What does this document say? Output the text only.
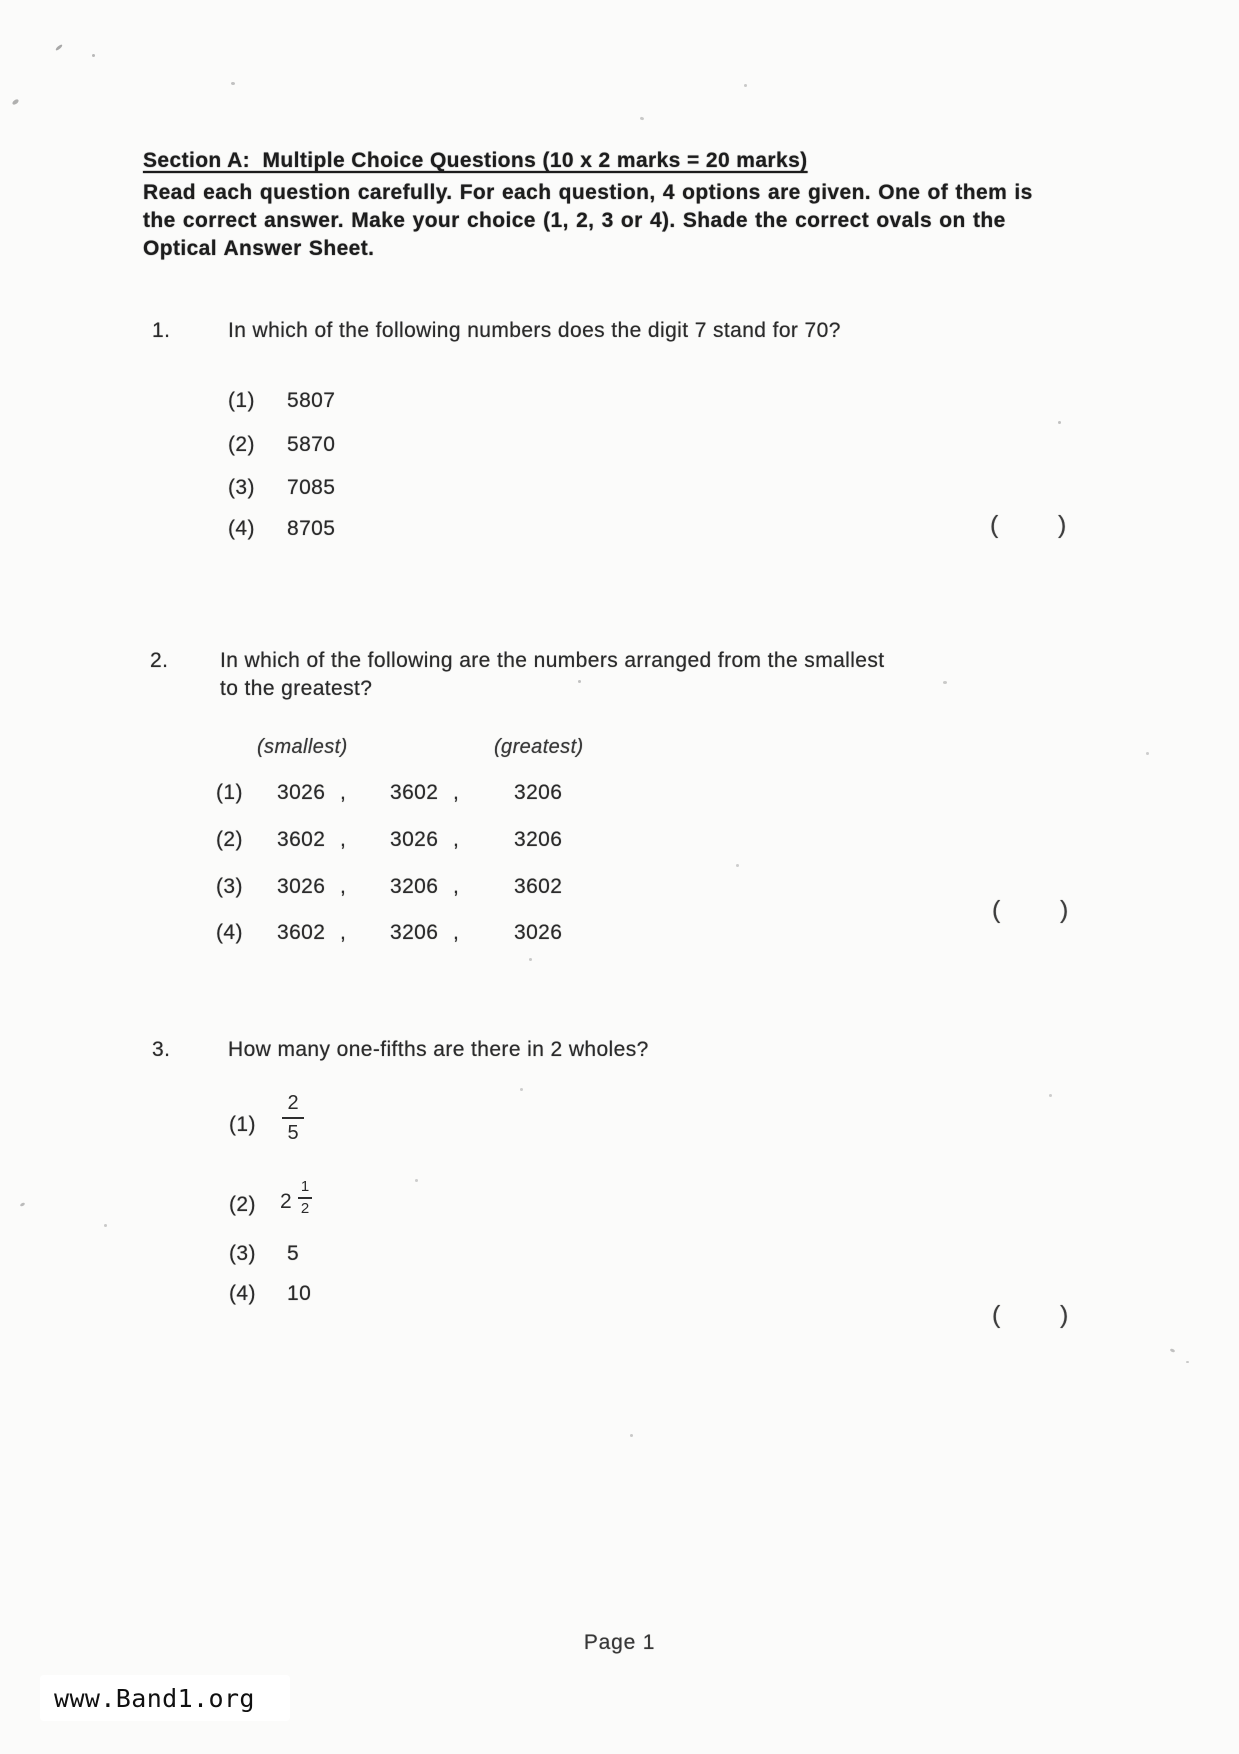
Section A:  Multiple Choice Questions (10 x 2 marks = 20 marks)
Read each question carefully. For each question, 4 options are given. One of them is
the correct answer. Make your choice (1, 2, 3 or 4). Shade the correct ovals on the
Optical Answer Sheet.
1.	In which of the following numbers does the digit 7 stand for 70?
(1) 5807
(2) 5870
(3) 7085
(4) 8705	( )
2. In which of the following are the numbers arranged from the smallest
to the greatest?
(smallest)	(greatest)
(1) 3026 , 3602 ,	3206
(2) 3602 , 3026 ,	3206
(3) 3026 , 3206 ,	3602
(4) 3602 , 3206 ,	3026
( )
3.	How many one-fifths are there in 2 wholes?
(1)
2
5
(2) 2
1
2
(3) 5
(4) 10
( )
Page 1
www.Band1.org
